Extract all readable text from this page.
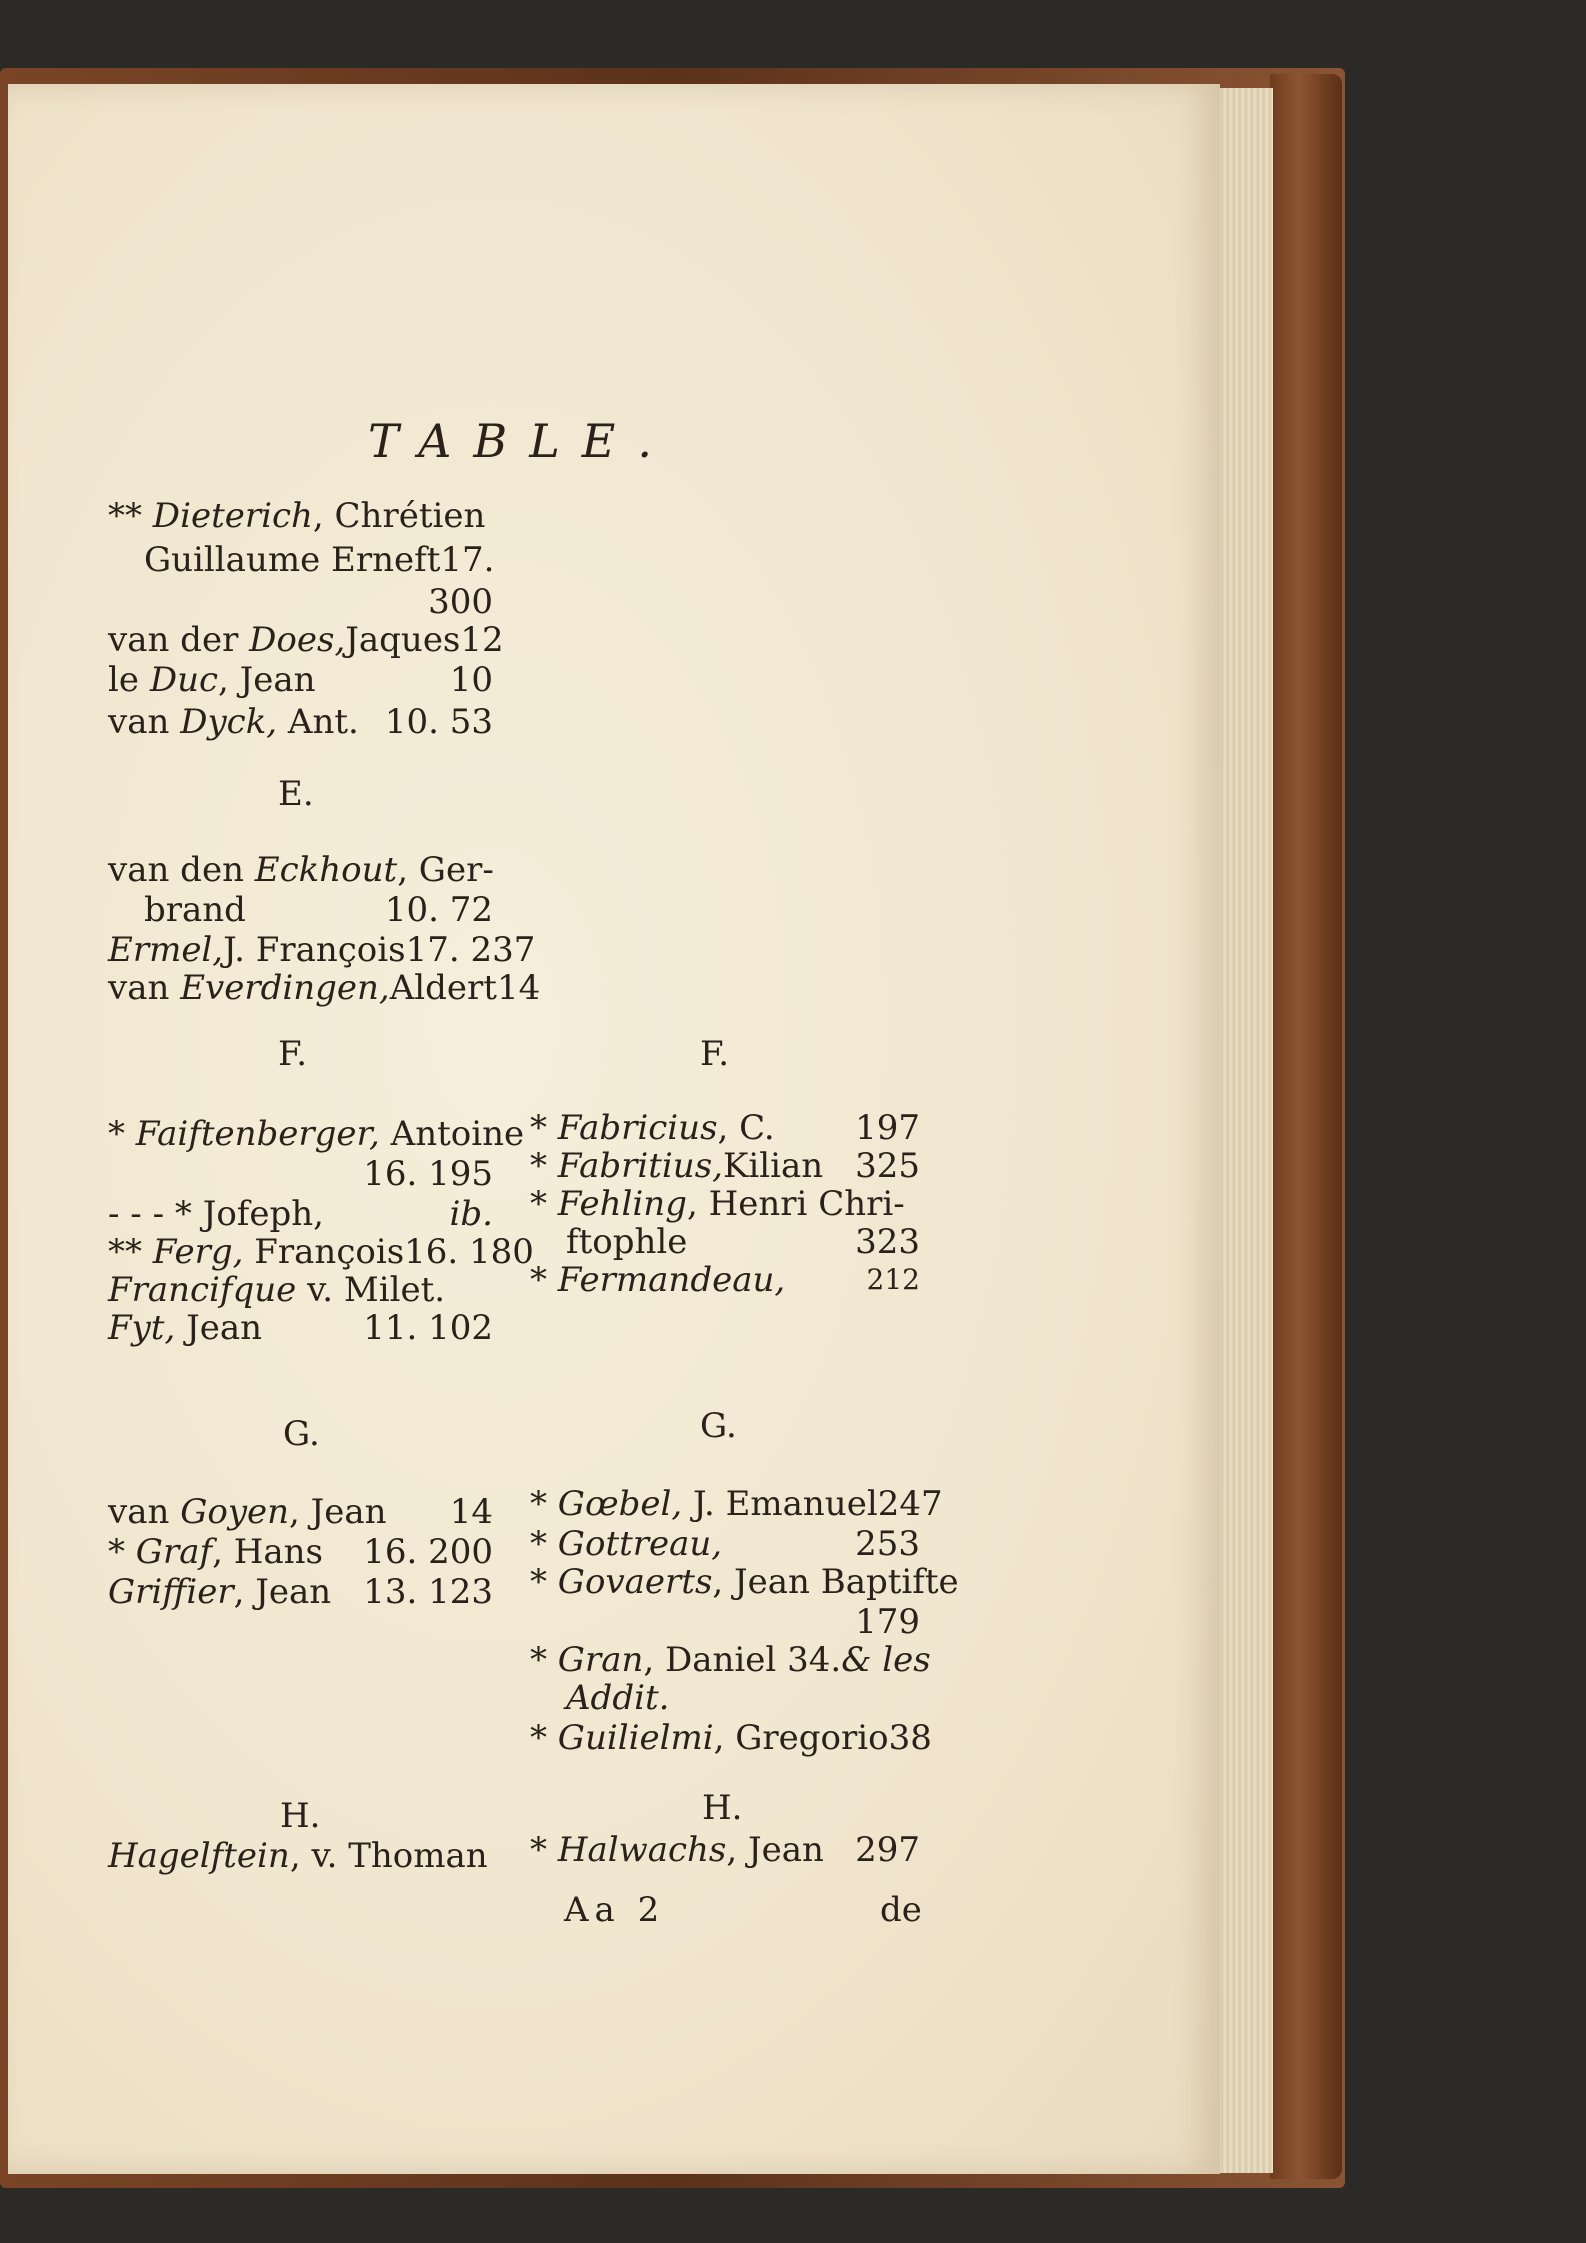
TABLE.
** Dieterich, Chrétien
Guillaume Erneft 17.
300
van der Does,Jaques 12
le Duc, Jean	10
van Dyck, Ant. 10. 53
E.
van den Eckhout, Ger-
brand	10. 72
Ermel,J. François 17. 237
van Everdingen,Aldert 14
F.
* Faiftenberger, Antoine
16. 195
- - - * Jofeph,	ib.
** Ferg, François 16. 180
Francifque v. Milet.
Fyt, Jean	11. 102
G.
van Goyen, Jean 14
* Graf, Hans 16. 200
Griffier, Jean 13. 123
H.
Hagelftein, v. Thoman
F.
* Fabricius, C. 197
* Fabritius,Kilian 325
* Fehling, Henri Chri-
ftophle	323
* Fermandeau,	212
G.
* Gœbel, J. Emanuel 247
* Gottreau,	253
* Govaerts, Jean Baptifte
179
* Gran, Daniel 34. & les
Addit.
* Guilielmi, Gregorio 38
H.
* Halwachs, Jean 297
Aa 2	de
